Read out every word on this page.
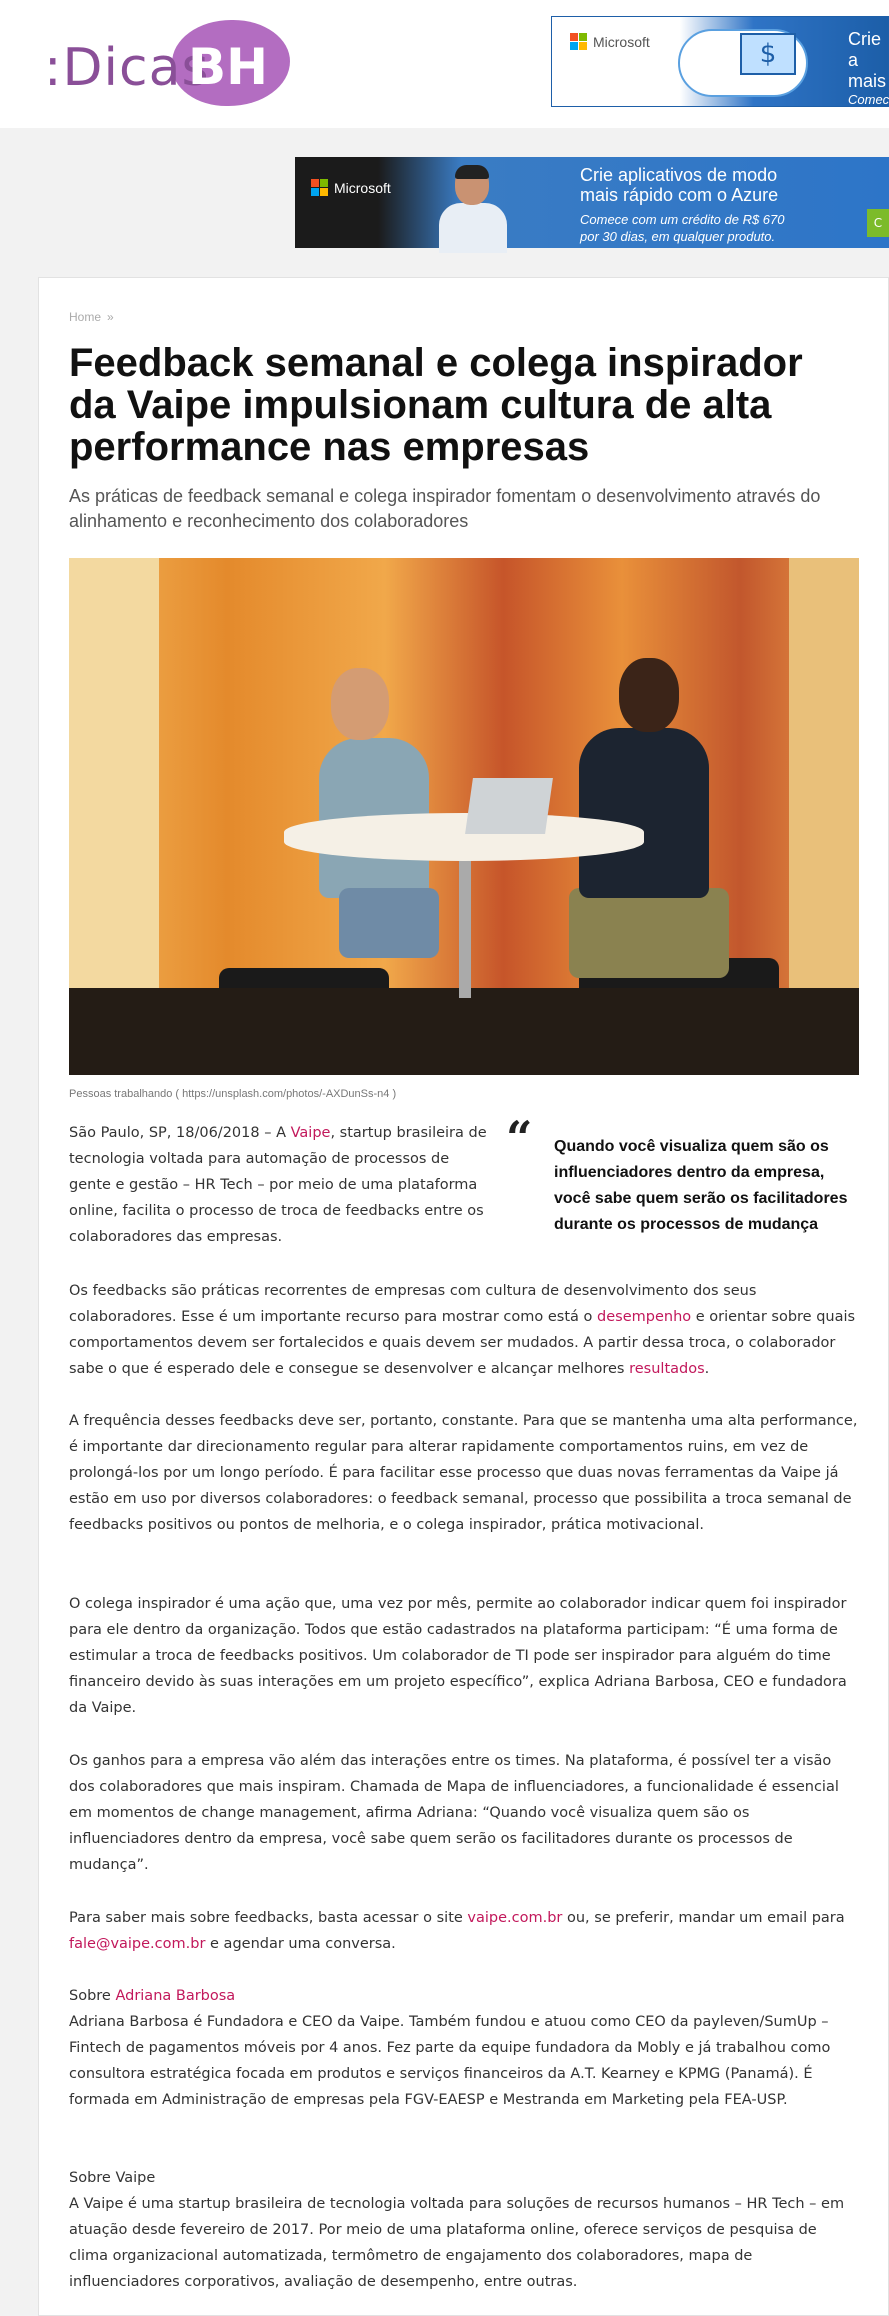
:Dicas
BH	Microsoft	$	Crie a
mais
Comec
por 30
Microsoft
Crie aplicativos de modo
mais rápido com o Azure
Comece com um crédito de R$ 670
por 30 dias, em qualquer produto.
C
Home »
Feedback semanal e colega inspirador da Vaipe impulsionam cultura de alta performance nas empresas

As práticas de feedback semanal e colega inspirador fomentam o desenvolvimento através do alinhamento e reconhecimento dos colaboradores

Pessoas trabalhando ( https://unsplash.com/photos/-AXDunSs-n4 )
São Paulo, SP, 18/06/2018 – A Vaipe, startup brasileira de tecnologia voltada para automação de processos de gente e gestão – HR Tech – por meio de uma plataforma online, facilita o processo de troca de feedbacks entre os colaboradores das empresas.
“ Quando você visualiza quem são os influenciadores dentro da empresa, você sabe quem serão os facilitadores durante os processos de mudança

Os feedbacks são práticas recorrentes de empresas com cultura de desenvolvimento dos seus colaboradores. Esse é um importante recurso para mostrar como está o desempenho e orientar sobre quais comportamentos devem ser fortalecidos e quais devem ser mudados. A partir dessa troca, o colaborador sabe o que é esperado dele e consegue se desenvolver e alcançar melhores resultados.

A frequência desses feedbacks deve ser, portanto, constante. Para que se mantenha uma alta performance, é importante dar direcionamento regular para alterar rapidamente comportamentos ruins, em vez de prolongá-los por um longo período. É para facilitar esse processo que duas novas ferramentas da Vaipe já estão em uso por diversos colaboradores: o feedback semanal, processo que possibilita a troca semanal de feedbacks positivos ou pontos de melhoria, e o colega inspirador, prática motivacional.

O colega inspirador é uma ação que, uma vez por mês, permite ao colaborador indicar quem foi inspirador para ele dentro da organização. Todos que estão cadastrados na plataforma participam: “É uma forma de estimular a troca de feedbacks positivos. Um colaborador de TI pode ser inspirador para alguém do time financeiro devido às suas interações em um projeto específico”, explica Adriana Barbosa, CEO e fundadora da Vaipe.

Os ganhos para a empresa vão além das interações entre os times. Na plataforma, é possível ter a visão dos colaboradores que mais inspiram. Chamada de Mapa de influenciadores, a funcionalidade é essencial em momentos de change management, afirma Adriana: “Quando você visualiza quem são os influenciadores dentro da empresa, você sabe quem serão os facilitadores durante os processos de mudança”.

Para saber mais sobre feedbacks, basta acessar o site vaipe.com.br ou, se preferir, mandar um email para fale@vaipe.com.br e agendar uma conversa.

Sobre Adriana Barbosa
Adriana Barbosa é Fundadora e CEO da Vaipe. Também fundou e atuou como CEO da payleven/SumUp – Fintech de pagamentos móveis por 4 anos. Fez parte da equipe fundadora da Mobly e já trabalhou como consultora estratégica focada em produtos e serviços financeiros da A.T. Kearney e KPMG (Panamá). É formada em Administração de empresas pela FGV-EAESP e Mestranda em Marketing pela FEA-USP.

Sobre Vaipe
A Vaipe é uma startup brasileira de tecnologia voltada para soluções de recursos humanos – HR Tech – em atuação desde fevereiro de 2017. Por meio de uma plataforma online, oferece serviços de pesquisa de clima organizacional automatizada, termômetro de engajamento dos colaboradores, mapa de influenciadores corporativos, avaliação de desempenho, entre outras.
